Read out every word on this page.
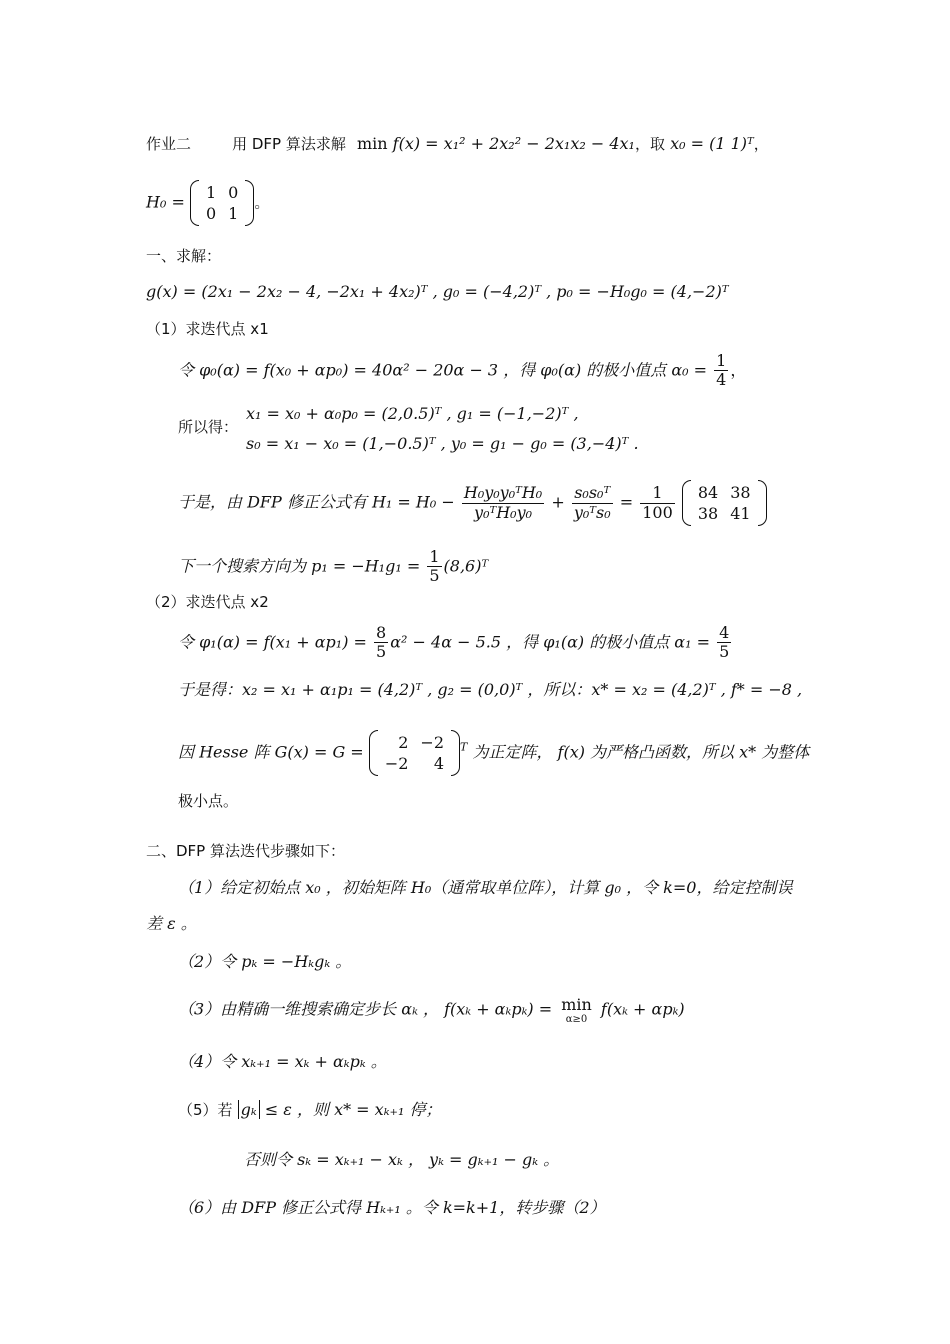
作业二	用 DFP 算法求解 min f(x) = x₁² + 2x₂² − 2x₁x₂ − 4x₁，取 x₀ = (1 1)ᵀ，
H₀ =
1	0
0	1
。
一、求解：
g(x) = (2x₁ − 2x₂ − 4, −2x₁ + 4x₂)ᵀ , g₀ = (−4,2)ᵀ , p₀ = −H₀g₀ = (4,−2)ᵀ
（1）求迭代点 x1
令 φ₀(α) = f(x₀ + αp₀) = 40α² − 20α − 3 ，得 φ₀(α) 的极小值点 $\alpha_0 = \frac{1}{4}$ ，
所以得：
x₁ = x₀ + α₀p₀ = (2,0.5)ᵀ , g₁ = (−1,−2)ᵀ ,
s₀ = x₁ − x₀ = (1,−0.5)ᵀ , y₀ = g₁ − g₀ = (3,−4)ᵀ .
于是，由 DFP 修正公式有 $H_1 = H_0 - \frac{\text{H₀y₀y₀ᵀH₀}}{\text{y₀ᵀH₀y₀}} + \frac{\text{s₀s₀ᵀ}}{\text{y₀ᵀs₀}} = \frac{1}{100}$
84	38
38	41
下一个搜索方向为 $p_1 = -H_1g_1 = \frac{1}{5}$ (8,6)ᵀ
（2）求迭代点 x2
令 $\varphi_1(\alpha) = f(x_1 + \alpha p_1) = \frac{8}{5} \alpha^2 - 4\alpha - 5.5$ ，得 φ₁(α) 的极小值点 $\alpha_1 = \frac{4}{5}$
于是得：x₂ = x₁ + α₁p₁ = (4,2)ᵀ , g₂ = (0,0)ᵀ ，所以：x* = x₂ = (4,2)ᵀ , f* = −8 ,
因 Hesse 阵 G(x) = G =
2	−2
−2	4
$^T$ 为正定阵， f(x) 为严格凸函数，所以 x* 为整体
极小点。
二、DFP 算法迭代步骤如下：
（1）给定初始点 x₀ ，初始矩阵 H₀（通常取单位阵），计算 g₀ ，令 k=0，给定控制误
差 ε 。
（2）令 pₖ = −Hₖgₖ 。
（3）由精确一维搜索确定步长 αₖ ， f(xₖ + αₖpₖ) = min
α≥0
f(xₖ + αpₖ)
（4）令 xₖ₊₁ = xₖ + αₖpₖ 。
（5）若 gₖ ≤ ε ，则 x* = xₖ₊₁ 停；
否则令 sₖ = xₖ₊₁ − xₖ ， yₖ = gₖ₊₁ − gₖ 。
（6）由 DFP 修正公式得 Hₖ₊₁ 。令 k=k+1，转步骤（2）
